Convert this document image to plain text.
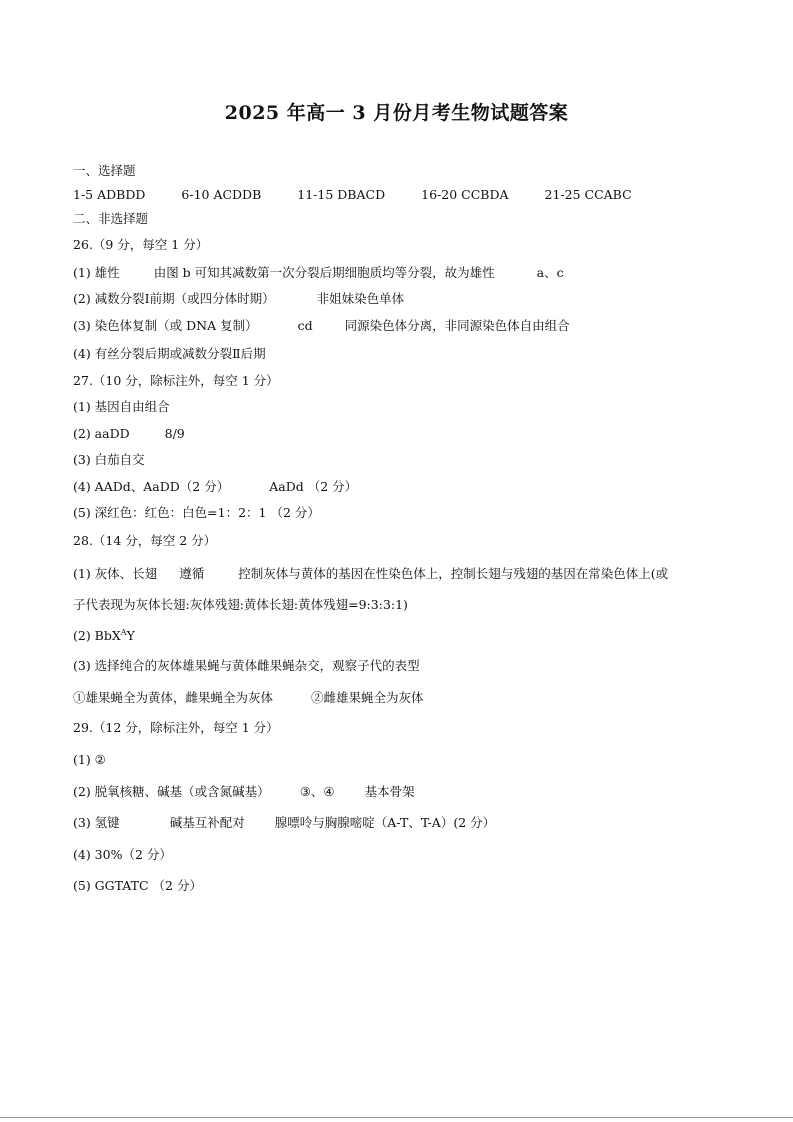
2025 年高一 3 月份月考生物试题答案
一、选择题
1-5 ADBDD	6-10 ACDDB	11-15 DBACD	16-20 CCBDA	21-25 CCABC
二、非选择题
26.（9 分，每空 1 分）
(1) 雄性	由图 b 可知其减数第一次分裂后期细胞质均等分裂，故为雄性	a、c
(2) 减数分裂Ⅰ前期（或四分体时期）	非姐妹染色单体
(3) 染色体复制（或 DNA 复制）	cd	同源染色体分离，非同源染色体自由组合
(4) 有丝分裂后期或减数分裂Ⅱ后期
27.（10 分，除标注外，每空 1 分）
(1) 基因自由组合
(2) aaDD	8/9
(3) 白茄自交
(4) AADd、AaDD（2 分）	AaDd （2 分）
(5) 深红色：红色：白色=1：2：1 （2 分）
28.（14 分，每空 2 分）
(1) 灰体、长翅 遵循	控制灰体与黄体的基因在性染色体上，控制长翅与残翅的基因在常染色体上(或
子代表现为灰体长翅:灰体残翅:黄体长翅:黄体残翅=9:3:3:1)
(2) BbX$^A$Y
(3) 选择纯合的灰体雄果蝇与黄体雌果蝇杂交，观察子代的表型
①雄果蝇全为黄体，雌果蝇全为灰体	②雌雄果蝇全为灰体
29.（12 分，除标注外，每空 1 分）
(1) ②
(2) 脱氧核糖、碱基（或含氮碱基） ③、④ 基本骨架
(3) 氢键	碱基互补配对 腺嘌呤与胸腺嘧啶（A-T、T-A）(2 分）
(4) 30%（2 分）
(5) GGTATC （2 分）
